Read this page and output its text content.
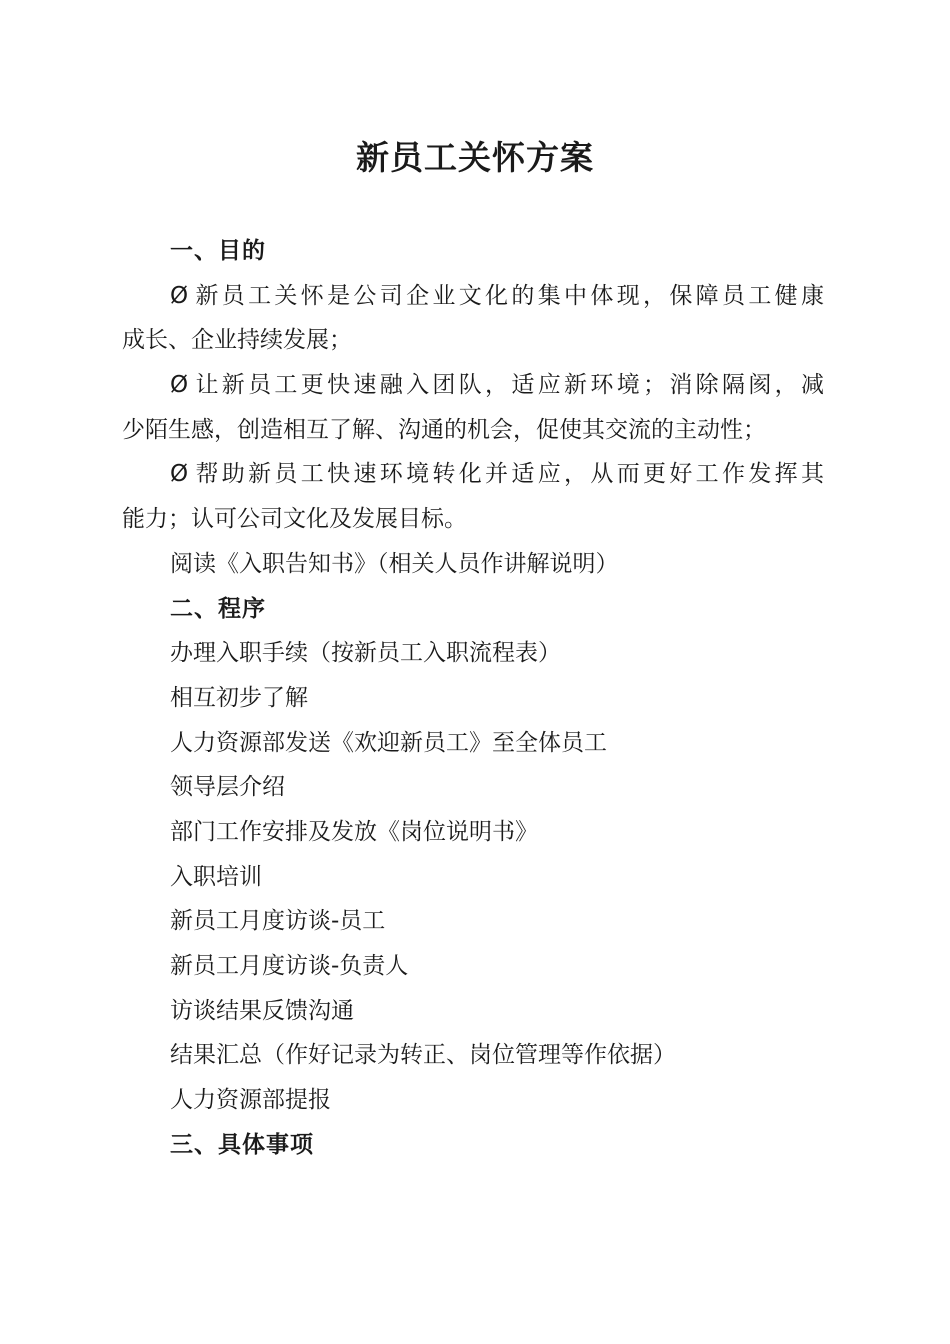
新员工关怀方案
一、目的
Ø 新员工关怀是公司企业文化的集中体现，保障员工健康
成长、企业持续发展；
Ø 让新员工更快速融入团队，适应新环境；消除隔阂，减
少陌生感，创造相互了解、沟通的机会，促使其交流的主动性；
Ø 帮助新员工快速环境转化并适应，从而更好工作发挥其
能力；认可公司文化及发展目标。
阅读《入职告知书》（相关人员作讲解说明）
二、程序
办理入职手续（按新员工入职流程表）
相互初步了解
人力资源部发送《欢迎新员工》至全体员工
领导层介绍
部门工作安排及发放《岗位说明书》
入职培训
新员工月度访谈-员工
新员工月度访谈-负责人
访谈结果反馈沟通
结果汇总（作好记录为转正、岗位管理等作依据）
人力资源部提报
三、具体事项
